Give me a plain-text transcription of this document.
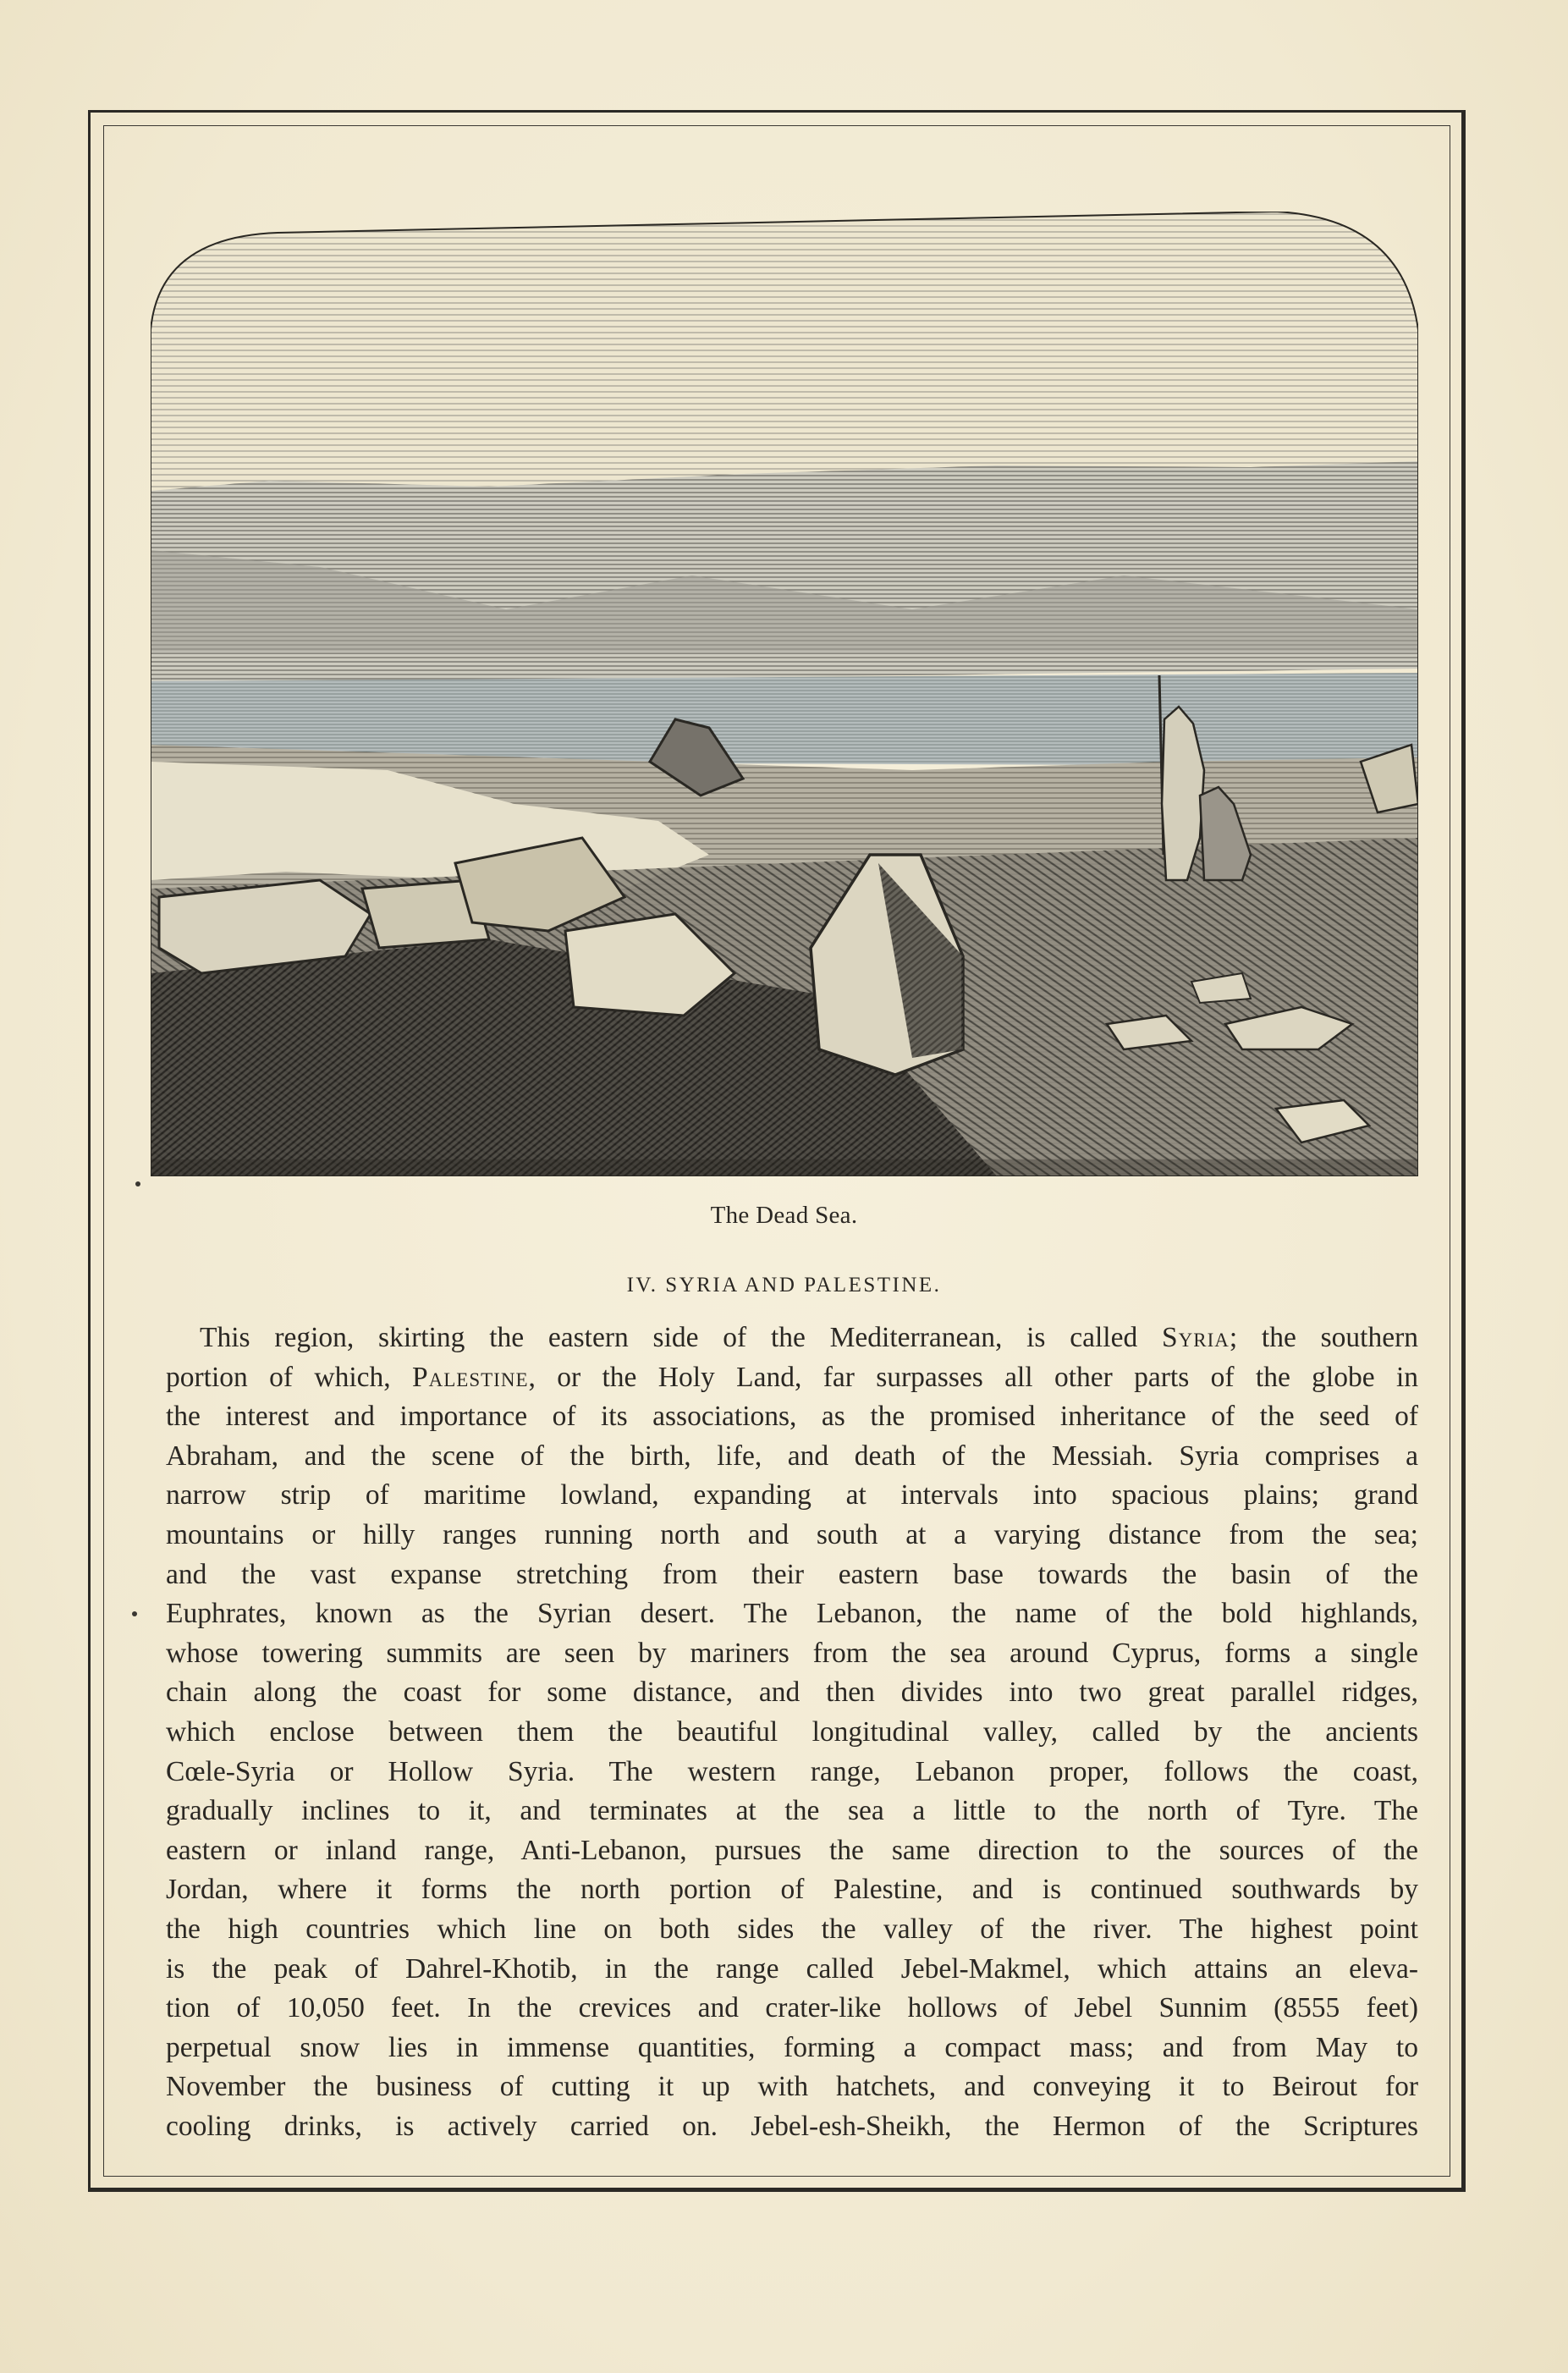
The Dead Sea.
IV. SYRIA AND PALESTINE.
This region, skirting the eastern side of the Mediterranean, is called Syria; the southern
portion of which, Palestine, or the Holy Land, far surpasses all other parts of the globe in
the interest and importance of its associations, as the promised inheritance of the seed of
Abraham, and the scene of the birth, life, and death of the Messiah. Syria comprises a
narrow strip of maritime lowland, expanding at intervals into spacious plains; grand
mountains or hilly ranges running north and south at a varying distance from the sea;
and the vast expanse stretching from their eastern base towards the basin of the
Euphrates, known as the Syrian desert. The Lebanon, the name of the bold highlands,
whose towering summits are seen by mariners from the sea around Cyprus, forms a single
chain along the coast for some distance, and then divides into two great parallel ridges,
which enclose between them the beautiful longitudinal valley, called by the ancients
Cœle-Syria or Hollow Syria. The western range, Lebanon proper, follows the coast,
gradually inclines to it, and terminates at the sea a little to the north of Tyre. The
eastern or inland range, Anti-Lebanon, pursues the same direction to the sources of the
Jordan, where it forms the north portion of Palestine, and is continued southwards by
the high countries which line on both sides the valley of the river. The highest point
is the peak of Dahrel-Khotib, in the range called Jebel-Makmel, which attains an eleva-
tion of 10,050 feet. In the crevices and crater-like hollows of Jebel Sunnim (8555 feet)
perpetual snow lies in immense quantities, forming a compact mass; and from May to
November the business of cutting it up with hatchets, and conveying it to Beirout for
cooling drinks, is actively carried on. Jebel-esh-Sheikh, the Hermon of the Scriptures
